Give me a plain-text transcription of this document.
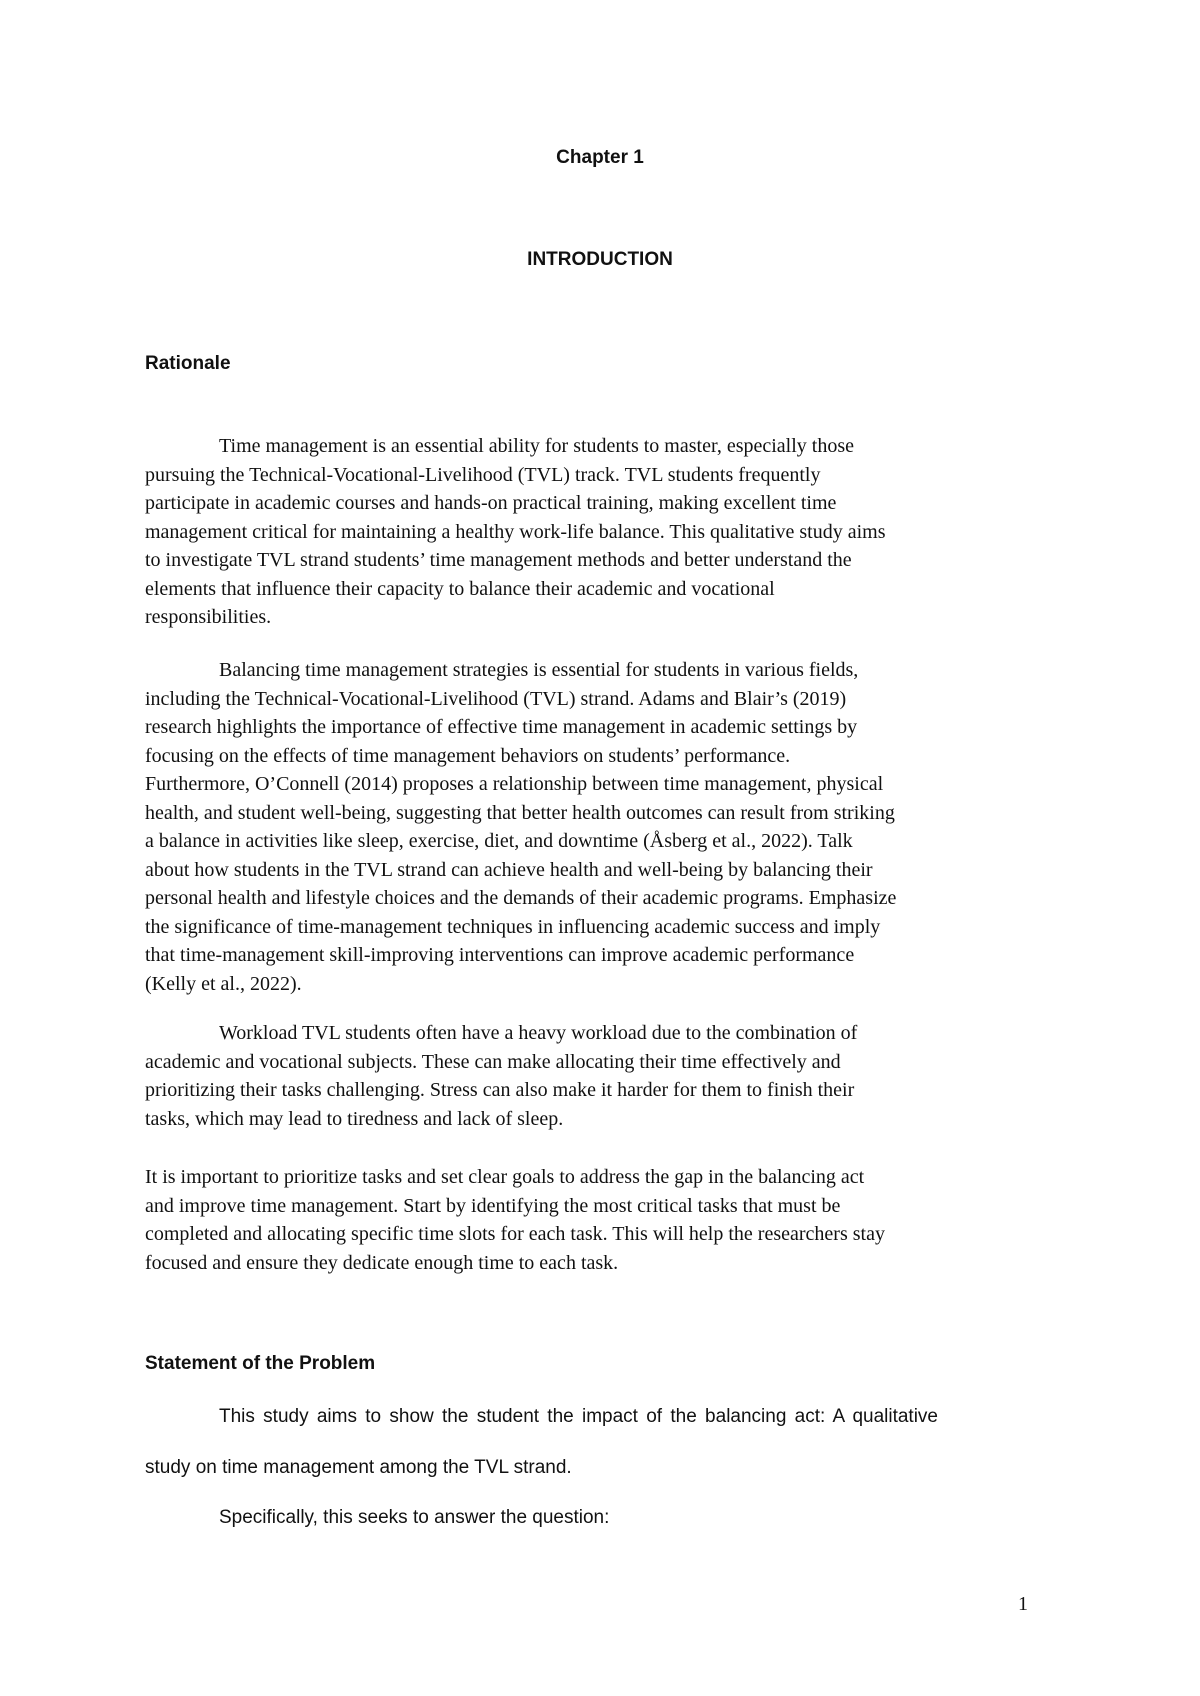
Chapter 1
INTRODUCTION
Rationale

Time management is an essential ability for students to master, especially those
pursuing the Technical-Vocational-Livelihood (TVL) track. TVL students frequently
participate in academic courses and hands-on practical training, making excellent time
management critical for maintaining a healthy work-life balance. This qualitative study aims
to investigate TVL strand students’ time management methods and better understand the
elements that influence their capacity to balance their academic and vocational
responsibilities.

Balancing time management strategies is essential for students in various fields,
including the Technical-Vocational-Livelihood (TVL) strand. Adams and Blair’s (2019)
research highlights the importance of effective time management in academic settings by
focusing on the effects of time management behaviors on students’ performance.
Furthermore, O’Connell (2014) proposes a relationship between time management, physical
health, and student well-being, suggesting that better health outcomes can result from striking
a balance in activities like sleep, exercise, diet, and downtime (Åsberg et al., 2022). Talk
about how students in the TVL strand can achieve health and well-being by balancing their
personal health and lifestyle choices and the demands of their academic programs. Emphasize
the significance of time-management techniques in influencing academic success and imply
that time-management skill-improving interventions can improve academic performance
(Kelly et al., 2022).

Workload TVL students often have a heavy workload due to the combination of
academic and vocational subjects. These can make allocating their time effectively and
prioritizing their tasks challenging. Stress can also make it harder for them to finish their
tasks, which may lead to tiredness and lack of sleep.

It is important to prioritize tasks and set clear goals to address the gap in the balancing act
and improve time management. Start by identifying the most critical tasks that must be
completed and allocating specific time slots for each task. This will help the researchers stay
focused and ensure they dedicate enough time to each task.

Statement of the Problem

This study aims to show the student the impact of the balancing act: A qualitative

study on time management among the TVL strand.

Specifically, this seeks to answer the question:

1
